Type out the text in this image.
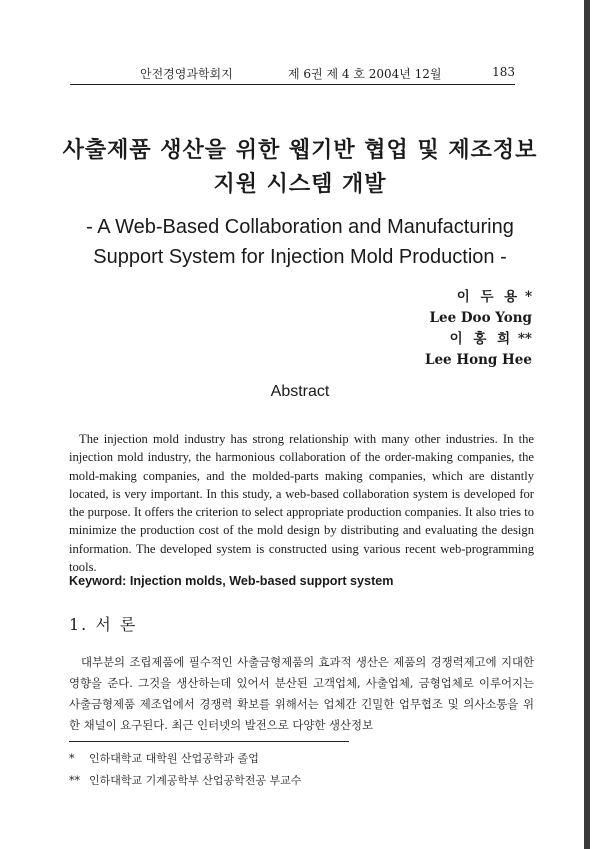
안전경영과학회지	제 6권 제 4 호 2004년 12월	183
사출제품 생산을 위한 웹기반 협업 및 제조정보
지원 시스템 개발
- A Web-Based Collaboration and Manufacturing
Support System for Injection Mold Production -
이 두 용 *
Lee Doo Yong
이 홍 희 **
Lee Hong Hee
Abstract

The injection mold industry has strong relationship with many other industries. In the injection mold industry, the harmonious collaboration of the order-making companies, the mold-making companies, and the molded-parts making companies, which are distantly located, is very important. In this study, a web-based collaboration system is developed for the purpose. It offers the criterion to select appropriate production companies. It also tries to minimize the production cost of the mold design by distributing and evaluating the design information. The developed system is constructed using various recent web-programming tools.

Keyword: Injection molds, Web-based support system
1. 서 론

대부분의 조립제품에 필수적인 사출금형제품의 효과적 생산은 제품의 경쟁력제고에 지대한 영향을 준다. 그것을 생산하는데 있어서 분산된 고객업체, 사출업체, 금형업체로 이루어지는 사출금형제품 제조업에서 경쟁력 확보를 위해서는 업체간 긴밀한 업무협조 및 의사소통을 위한 채널이 요구된다. 최근 인터넷의 발전으로 다양한 생산정보

* 인하대학교 대학원 산업공학과 졸업
** 인하대학교 기계공학부 산업공학전공 부교수
